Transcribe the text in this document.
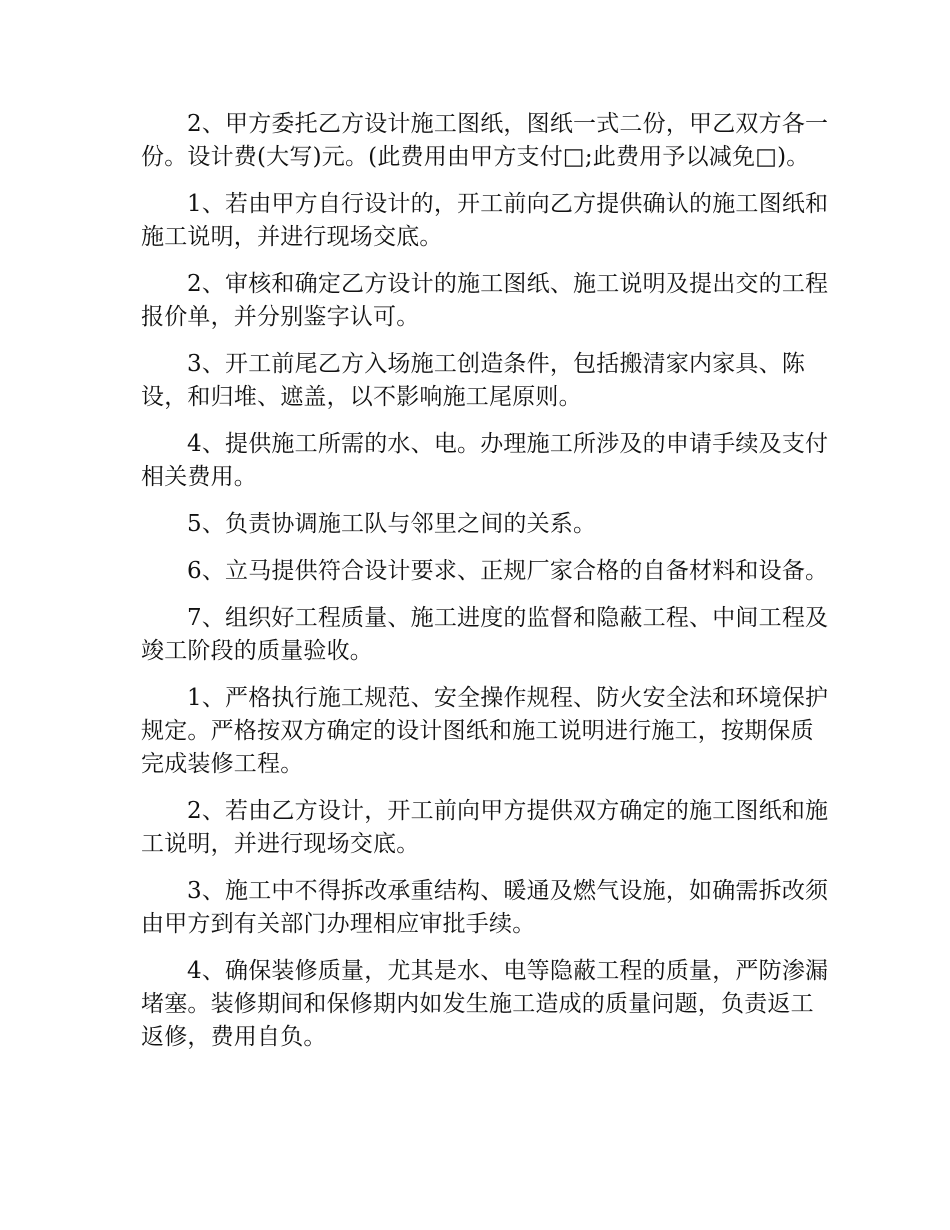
2、甲方委托乙方设计施工图纸，图纸一式二份，甲乙双方各一份。设计费(大写)元。(此费用由甲方支付□;此费用予以减免□)。

1、若由甲方自行设计的，开工前向乙方提供确认的施工图纸和施工说明，并进行现场交底。

2、审核和确定乙方设计的施工图纸、施工说明及提出交的工程报价单，并分别鉴字认可。

3、开工前尾乙方入场施工创造条件，包括搬清家内家具、陈设，和归堆、遮盖，以不影响施工尾原则。

4、提供施工所需的水、电。办理施工所涉及的申请手续及支付相关费用。

5、负责协调施工队与邻里之间的关系。

6、立马提供符合设计要求、正规厂家合格的自备材料和设备。

7、组织好工程质量、施工进度的监督和隐蔽工程、中间工程及竣工阶段的质量验收。

1、严格执行施工规范、安全操作规程、防火安全法和环境保护规定。严格按双方确定的设计图纸和施工说明进行施工，按期保质完成装修工程。

2、若由乙方设计，开工前向甲方提供双方确定的施工图纸和施工说明，并进行现场交底。

3、施工中不得拆改承重结构、暖通及燃气设施，如确需拆改须由甲方到有关部门办理相应审批手续。

4、确保装修质量，尤其是水、电等隐蔽工程的质量，严防渗漏堵塞。装修期间和保修期内如发生施工造成的质量问题，负责返工返修，费用自负。
